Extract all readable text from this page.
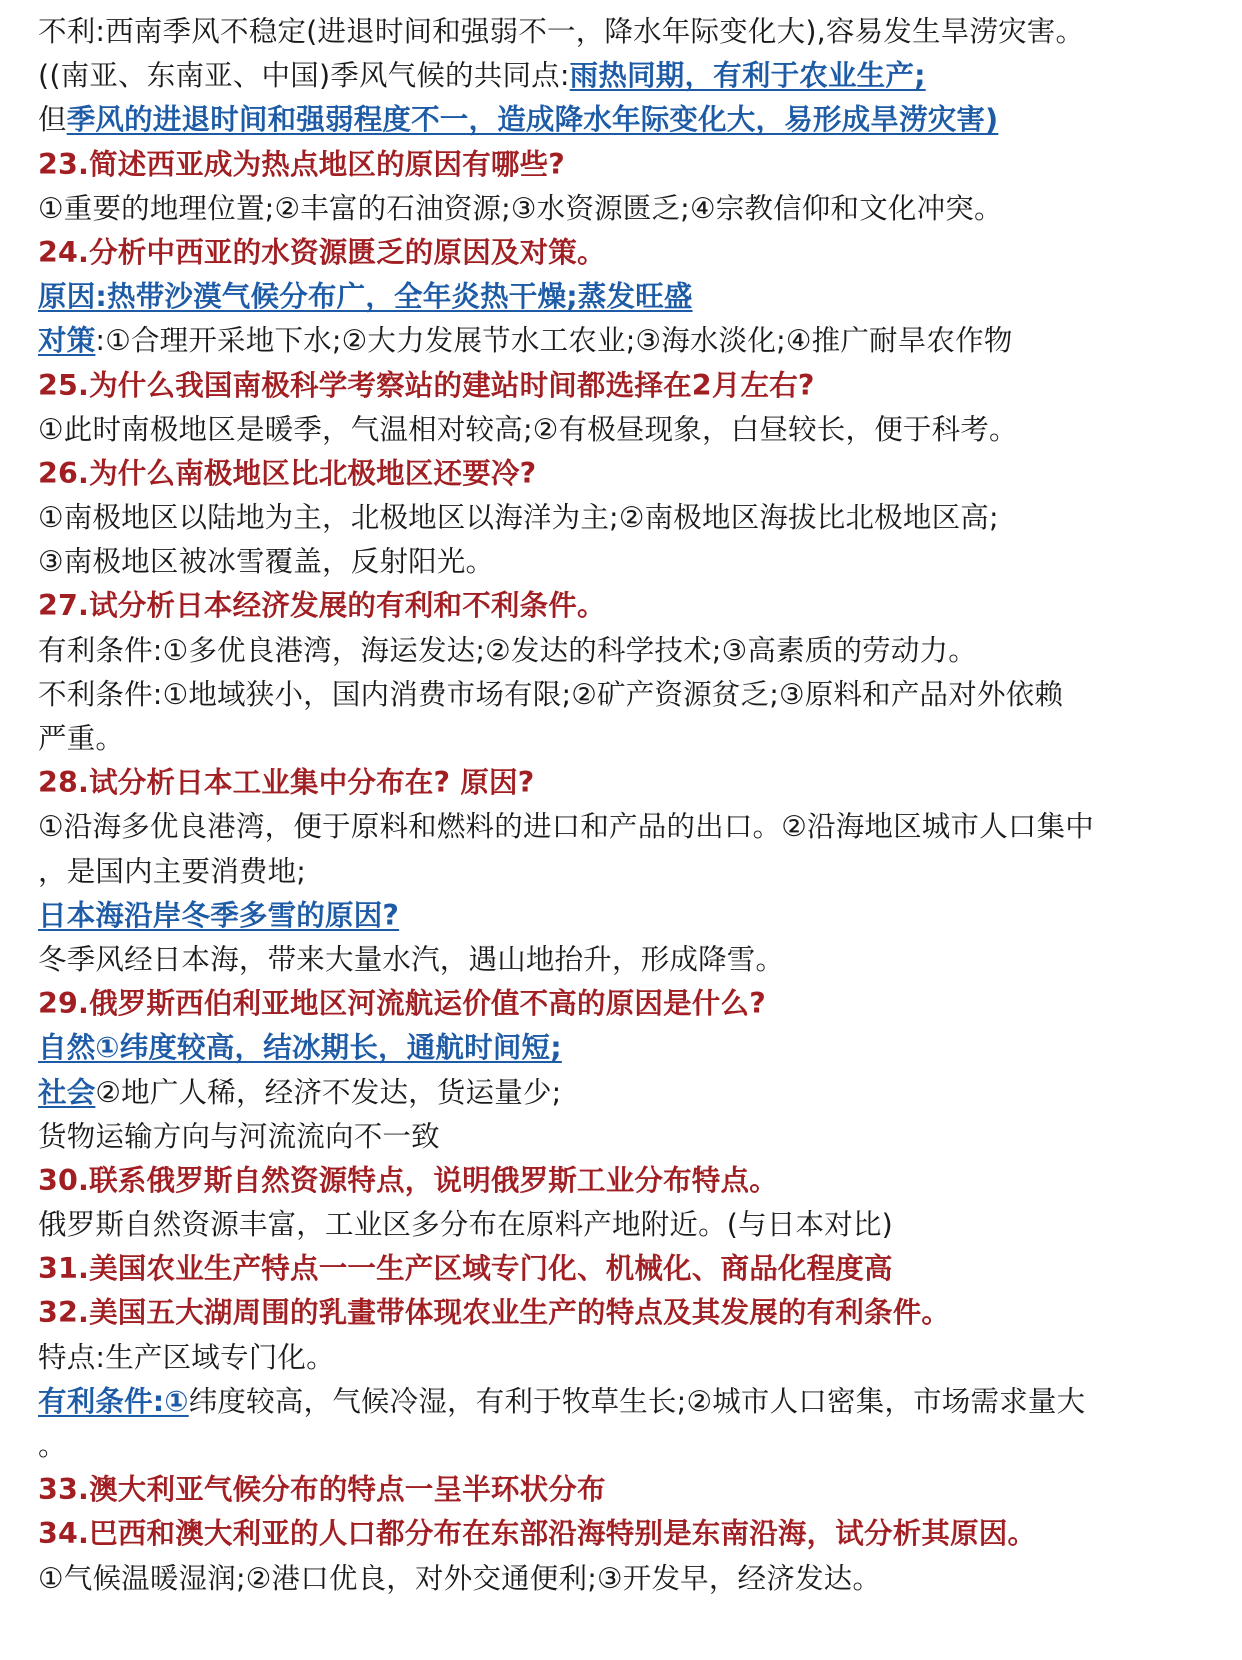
不利:西南季风不稳定(进退时间和强弱不一，降水年际变化大),容易发生旱涝灾害。
((南亚、东南亚、中国)季风气候的共同点:雨热同期，有利于农业生产;
但季风的进退时间和强弱程度不一，造成降水年际变化大，易形成旱涝灾害)
23.简述西亚成为热点地区的原因有哪些?
①重要的地理位置;②丰富的石油资源;③水资源匮乏;④宗教信仰和文化冲突。
24.分析中西亚的水资源匮乏的原因及对策。
原因:热带沙漠气候分布广，全年炎热干燥;蒸发旺盛
对策:①合理开采地下水;②大力发展节水工农业;③海水淡化;④推广耐旱农作物
25.为什么我国南极科学考察站的建站时间都选择在2月左右?
①此时南极地区是暖季，气温相对较高;②有极昼现象，白昼较长，便于科考。
26.为什么南极地区比北极地区还要冷?
①南极地区以陆地为主，北极地区以海洋为主;②南极地区海拔比北极地区高;
③南极地区被冰雪覆盖，反射阳光。
27.试分析日本经济发展的有利和不利条件。
有利条件:①多优良港湾，海运发达;②发达的科学技术;③高素质的劳动力。
不利条件:①地域狭小，国内消费市场有限;②矿产资源贫乏;③原料和产品对外依赖
严重。
28.试分析日本工业集中分布在? 原因?
①沿海多优良港湾，便于原料和燃料的进口和产品的出口。②沿海地区城市人口集中
，是国内主要消费地;
日本海沿岸冬季多雪的原因?
冬季风经日本海，带来大量水汽，遇山地抬升，形成降雪。
29.俄罗斯西伯利亚地区河流航运价值不高的原因是什么?
自然①纬度较高，结冰期长，通航时间短;
社会②地广人稀，经济不发达，货运量少;
货物运输方向与河流流向不一致
30.联系俄罗斯自然资源特点，说明俄罗斯工业分布特点。
俄罗斯自然资源丰富，工业区多分布在原料产地附近。(与日本对比)
31.美国农业生产特点一一生产区域专门化、机械化、商品化程度高
32.美国五大湖周围的乳畫带体现农业生产的特点及其发展的有利条件。
特点:生产区域专门化。
有利条件:①纬度较高，气候冷湿，有利于牧草生长;②城市人口密集，市场需求量大
。
33.澳大利亚气候分布的特点一呈半环状分布
34.巴西和澳大利亚的人口都分布在东部沿海特别是东南沿海，试分析其原因。
①气候温暖湿润;②港口优良，对外交通便利;③开发早，经济发达。
